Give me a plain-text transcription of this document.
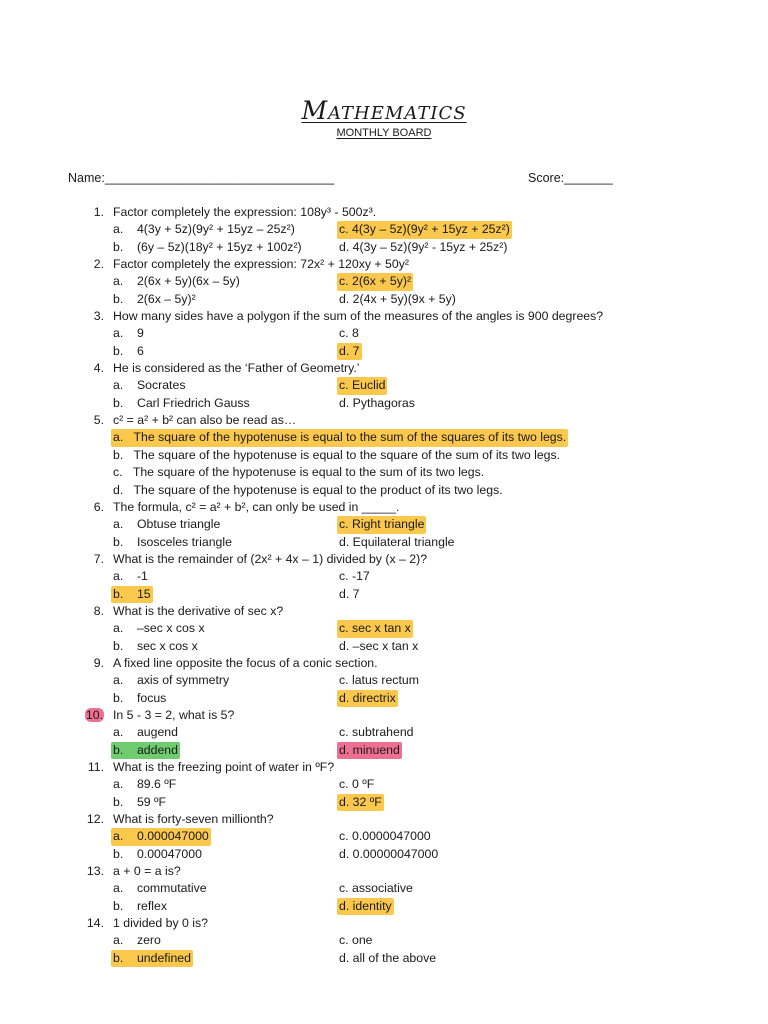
Mathematics
MONTHLY BOARD
Name:_________________________________	Score:_______
1. Factor completely the expression: 108y³ - 500z³.
a. 4(3y + 5z)(9y² + 15yz – 25z²)	c. 4(3y – 5z)(9y² + 15yz + 25z²)
b. (6y – 5z)(18y² + 15yz + 100z²)	d. 4(3y – 5z)(9y² - 15yz + 25z²)
2. Factor completely the expression: 72x² + 120xy + 50y²
a. 2(6x + 5y)(6x – 5y)	c. 2(6x + 5y)²
b. 2(6x – 5y)²	d. 2(4x + 5y)(9x + 5y)
3. How many sides have a polygon if the sum of the measures of the angles is 900 degrees?
a. 9	c. 8
b. 6	d. 7
4. He is considered as the ‘Father of Geometry.’
a. Socrates	c. Euclid
b. Carl Friedrich Gauss	d. Pythagoras
5. c² = a² + b² can also be read as…
a. The square of the hypotenuse is equal to the sum of the squares of its two legs.
b. The square of the hypotenuse is equal to the square of the sum of its two legs.
c. The square of the hypotenuse is equal to the sum of its two legs.
d. The square of the hypotenuse is equal to the product of its two legs.
6. The formula, c² = a² + b², can only be used in _____.
a. Obtuse triangle	c. Right triangle
b. Isosceles triangle	d. Equilateral triangle
7. What is the remainder of (2x² + 4x – 1) divided by (x – 2)?
a. -1	c. -17
b. 15	d. 7
8. What is the derivative of sec x?
a. –sec x cos x	c. sec x tan x
b. sec x cos x	d. –sec x tan x
9. A fixed line opposite the focus of a conic section.
a. axis of symmetry	c. latus rectum
b. focus	d. directrix
10. In 5 - 3 = 2, what is 5?
a. augend	c. subtrahend
b. addend	d. minuend
11. What is the freezing point of water in ºF?
a. 89.6 ºF	c. 0 ºF
b. 59 ºF	d. 32 ºF
12. What is forty-seven millionth?
a. 0.000047000	c. 0.0000047000
b. 0.00047000	d. 0.00000047000
13. a + 0 = a is?
a. commutative	c. associative
b. reflex	d. identity
14. 1 divided by 0 is?
a. zero	c. one
b. undefined	d. all of the above
